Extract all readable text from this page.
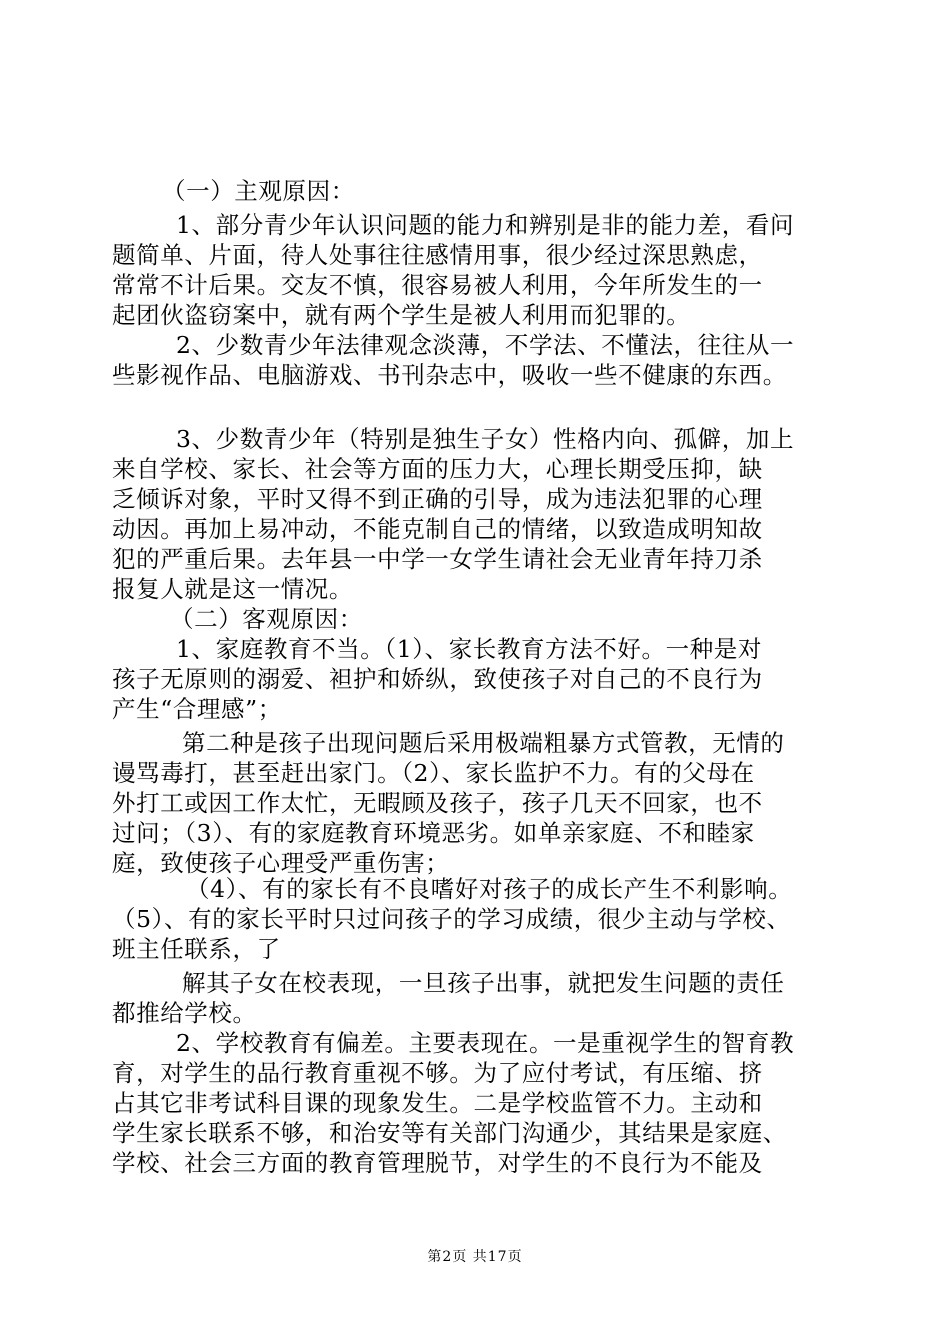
（一）主观原因：
1、部分青少年认识问题的能力和辨别是非的能力差，看问
题简单、片面，待人处事往往感情用事，很少经过深思熟虑，
常常不计后果。交友不慎，很容易被人利用，今年所发生的一
起团伙盗窃案中，就有两个学生是被人利用而犯罪的。
2、少数青少年法律观念淡薄，不学法、不懂法，往往从一
些影视作品、电脑游戏、书刊杂志中，吸收一些不健康的东西。
3、少数青少年（特别是独生子女）性格内向、孤僻，加上
来自学校、家长、社会等方面的压力大，心理长期受压抑，缺
乏倾诉对象，平时又得不到正确的引导，成为违法犯罪的心理
动因。再加上易冲动，不能克制自己的情绪，以致造成明知故
犯的严重后果。去年县一中学一女学生请社会无业青年持刀杀
报复人就是这一情况。
（二）客观原因：
1、家庭教育不当。（1）、家长教育方法不好。一种是对
孩子无原则的溺爱、袒护和娇纵，致使孩子对自己的不良行为
产生“合理感”；
第二种是孩子出现问题后采用极端粗暴方式管教，无情的
谩骂毒打，甚至赶出家门。（2）、家长监护不力。有的父母在
外打工或因工作太忙，无暇顾及孩子，孩子几天不回家，也不
过问；（3）、有的家庭教育环境恶劣。如单亲家庭、不和睦家
庭，致使孩子心理受严重伤害；
（4）、有的家长有不良嗜好对孩子的成长产生不利影响。
（5）、有的家长平时只过问孩子的学习成绩，很少主动与学校、
班主任联系，了
解其子女在校表现，一旦孩子出事，就把发生问题的责任
都推给学校。
2、学校教育有偏差。主要表现在。一是重视学生的智育教
育，对学生的品行教育重视不够。为了应付考试，有压缩、挤
占其它非考试科目课的现象发生。二是学校监管不力。主动和
学生家长联系不够，和治安等有关部门沟通少，其结果是家庭、
学校、社会三方面的教育管理脱节，对学生的不良行为不能及
第2页 共17页
